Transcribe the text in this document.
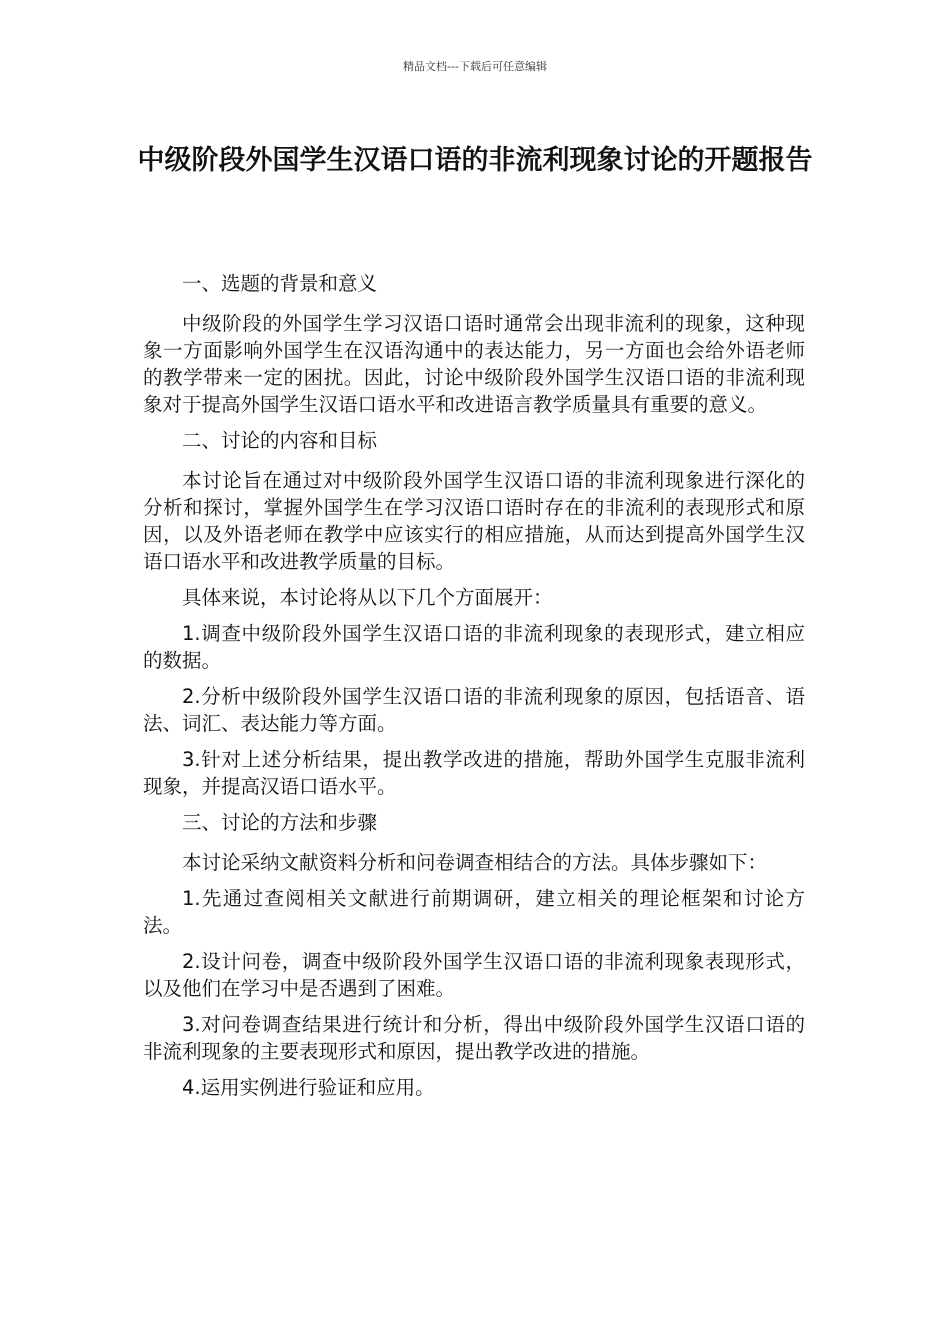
精品文档---下载后可任意编辑
中级阶段外国学生汉语口语的非流利现象讨论的开题报告

一、选题的背景和意义

中级阶段的外国学生学习汉语口语时通常会出现非流利的现象，这种现象一方面影响外国学生在汉语沟通中的表达能力，另一方面也会给外语老师的教学带来一定的困扰。因此，讨论中级阶段外国学生汉语口语的非流利现象对于提高外国学生汉语口语水平和改进语言教学质量具有重要的意义。

二、讨论的内容和目标

本讨论旨在通过对中级阶段外国学生汉语口语的非流利现象进行深化的分析和探讨，掌握外国学生在学习汉语口语时存在的非流利的表现形式和原因，以及外语老师在教学中应该实行的相应措施，从而达到提高外国学生汉语口语水平和改进教学质量的目标。

具体来说，本讨论将从以下几个方面展开：

1.调查中级阶段外国学生汉语口语的非流利现象的表现形式，建立相应的数据。

2.分析中级阶段外国学生汉语口语的非流利现象的原因，包括语音、语法、词汇、表达能力等方面。

3.针对上述分析结果，提出教学改进的措施，帮助外国学生克服非流利现象，并提高汉语口语水平。

三、讨论的方法和步骤

本讨论采纳文献资料分析和问卷调查相结合的方法。具体步骤如下：

1.先通过查阅相关文献进行前期调研，建立相关的理论框架和讨论方法。

2.设计问卷，调查中级阶段外国学生汉语口语的非流利现象表现形式，以及他们在学习中是否遇到了困难。

3.对问卷调查结果进行统计和分析，得出中级阶段外国学生汉语口语的非流利现象的主要表现形式和原因，提出教学改进的措施。

4.运用实例进行验证和应用。
